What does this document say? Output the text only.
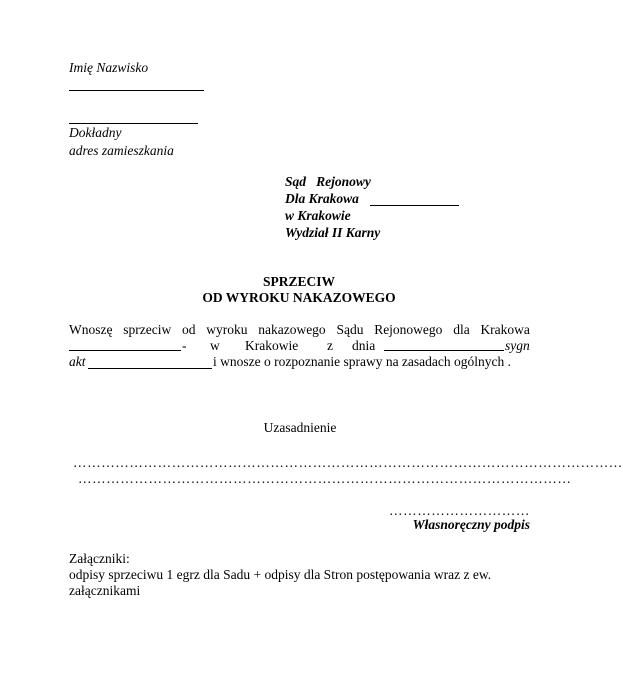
Imię Nazwisko
Dokładny
adres zamieszkania
Sąd   Rejonowy
Dla Krakowa
w Krakowie
Wydział II Karny
SPRZECIW
OD WYROKU NAKAZOWEGO
Wnoszę sprzeciw od wyroku nakazowego Sądu Rejonowego dla Krakowa
- w Krakowie z dnia	sygn
akt	i wnosze o rozpoznanie sprawy na zasadach ogólnych .
Uzasadnienie
………………………………………………………………………………………………………
……………………………………………………………………………………………
…………………………
Własnoręczny podpis
Załączniki:
odpisy sprzeciwu 1 egrz dla Sadu + odpisy dla Stron postępowania wraz z ew.
załącznikami
